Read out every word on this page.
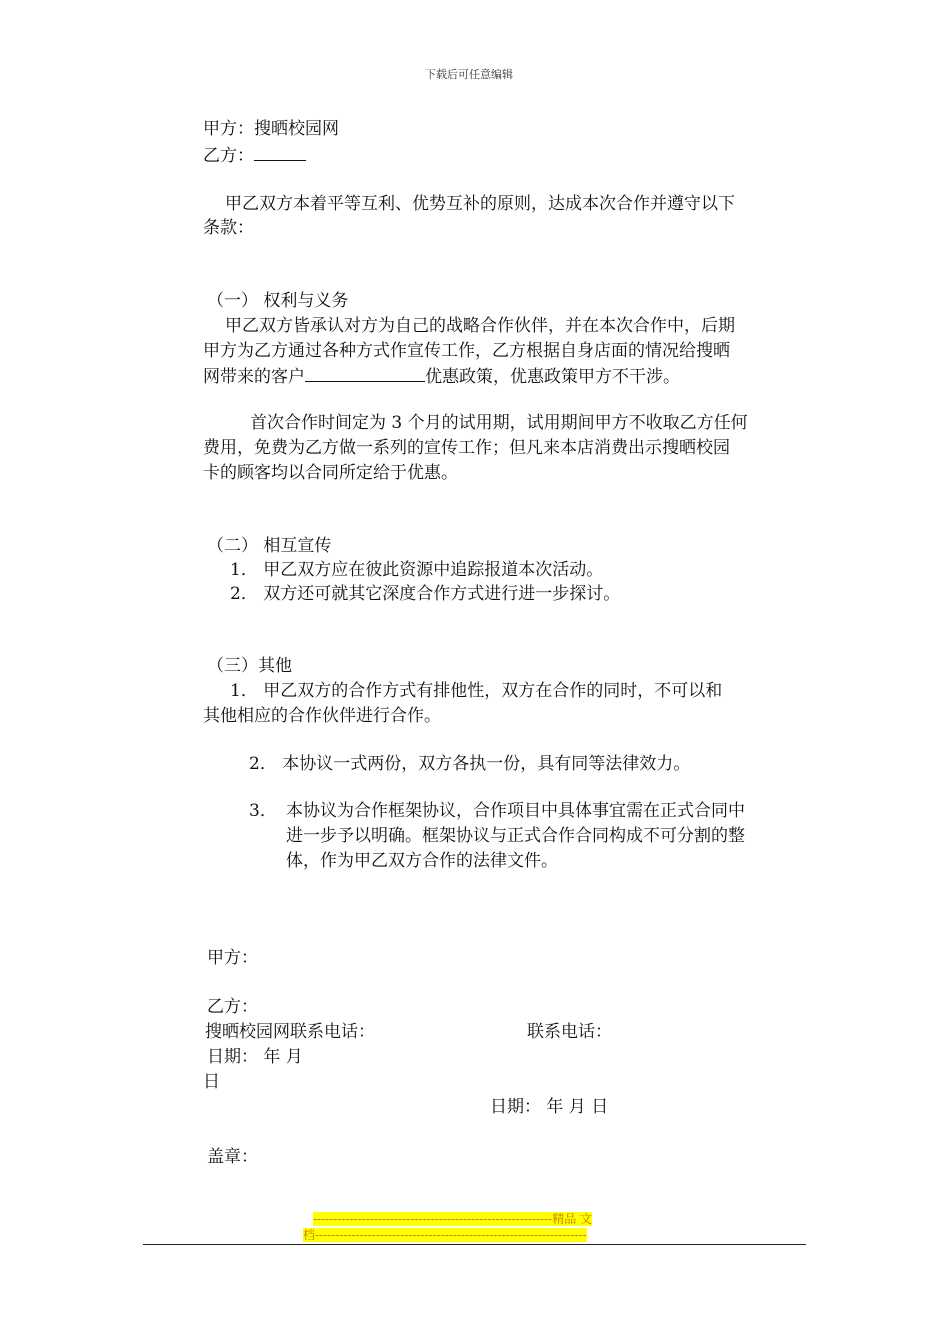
下载后可任意编辑
甲方：搜晒校园网
乙方：
甲乙双方本着平等互利、优势互补的原则，达成本次合作并遵守以下
条款：
（一） 权利与义务
甲乙双方皆承认对方为自己的战略合作伙伴，并在本次合作中，后期
甲方为乙方通过各种方式作宣传工作，乙方根据自身店面的情况给搜晒
网带来的客户	优惠政策，优惠政策甲方不干涉。
首次合作时间定为 3 个月的试用期，试用期间甲方不收取乙方任何
费用，免费为乙方做一系列的宣传工作；但凡来本店消费出示搜晒校园
卡的顾客均以合同所定给于优惠。
（二） 相互宣传
1． 甲乙双方应在彼此资源中追踪报道本次活动。
2． 双方还可就其它深度合作方式进行进一步探讨。
（三）其他
1． 甲乙双方的合作方式有排他性，双方在合作的同时，不可以和
其他相应的合作伙伴进行合作。
2． 本协议一式两份，双方各执一份，具有同等法律效力。
3． 本协议为合作框架协议，合作项目中具体事宜需在正式合同中
进一步予以明确。框架协议与正式合作合同构成不可分割的整
体，作为甲乙双方合作的法律文件。
甲方：
乙方：
搜晒校园网联系电话：	联系电话：
日期： 年 月
日
日期： 年 月 日
盖章：
-----------------------------------------------------------精品 文
档-------------------------------------------------------------------
